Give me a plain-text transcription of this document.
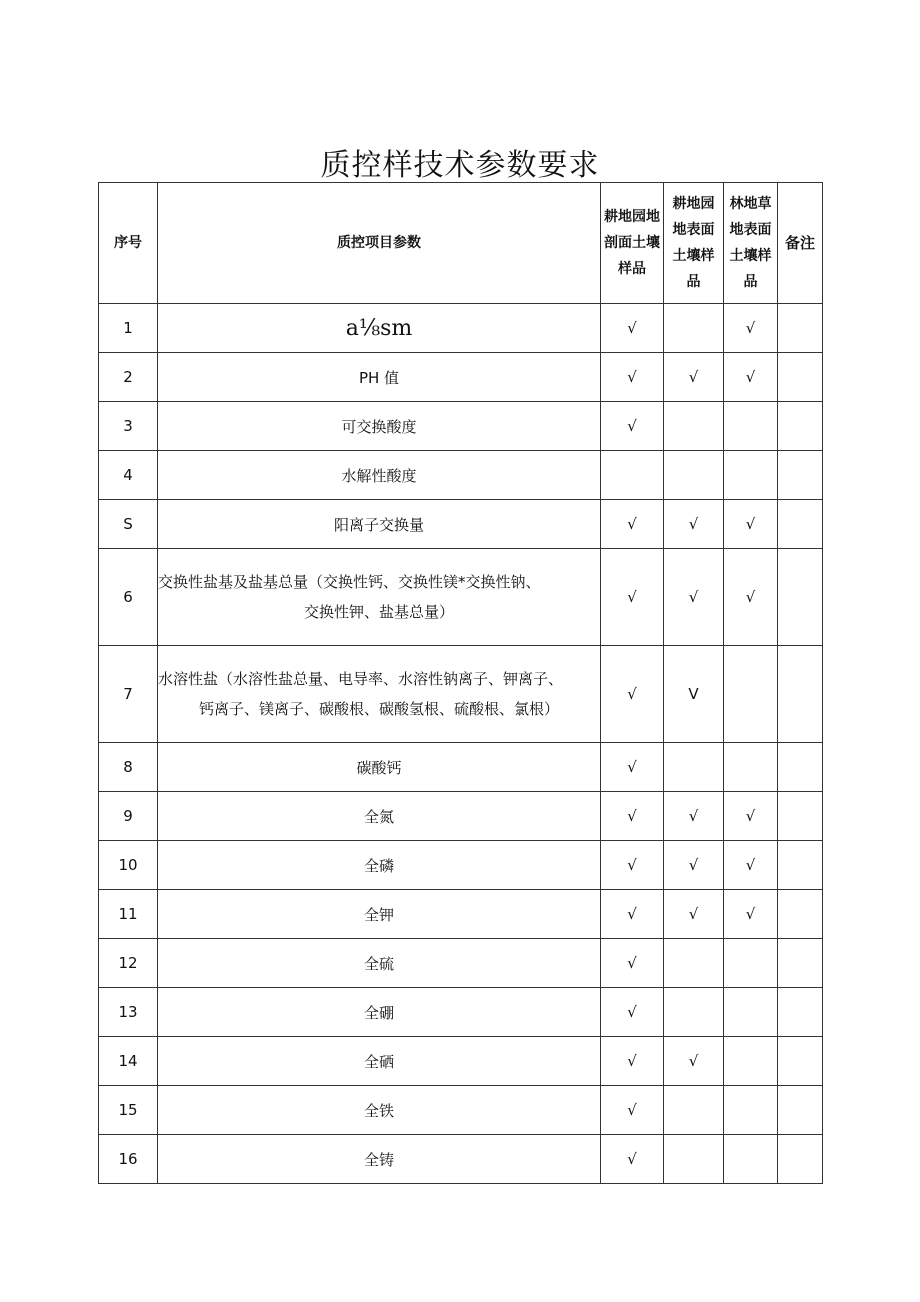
质控样技术参数要求
序号	质控项目参数	耕地园地剖面土壤样品	耕地园地表面土壤样品	林地草地表面土壤样品	备注

1	a⅛sm	√		√	
2	PH 值	√	√	√	
3	可交换酸度	√			
4	水解性酸度				
S	阳离子交换量	√	√	√	
6	交换性盐基及盐基总量（交换性钙、交换性镁*交换性钠、
交换性钾、盐基总量）	√	√	√	
7	水溶性盐（水溶性盐总量、电导率、水溶性钠离子、钾离子、
钙离子、镁离子、碳酸根、碳酸氢根、硫酸根、氯根）	√	V		
8	碳酸钙	√			
9	全氮	√	√	√	
10	全磷	√	√	√	
11	全钾	√	√	√	
12	全硫	√			
13	全硼	√			
14	全硒	√	√		
15	全铁	√			
16	全铸	√			
